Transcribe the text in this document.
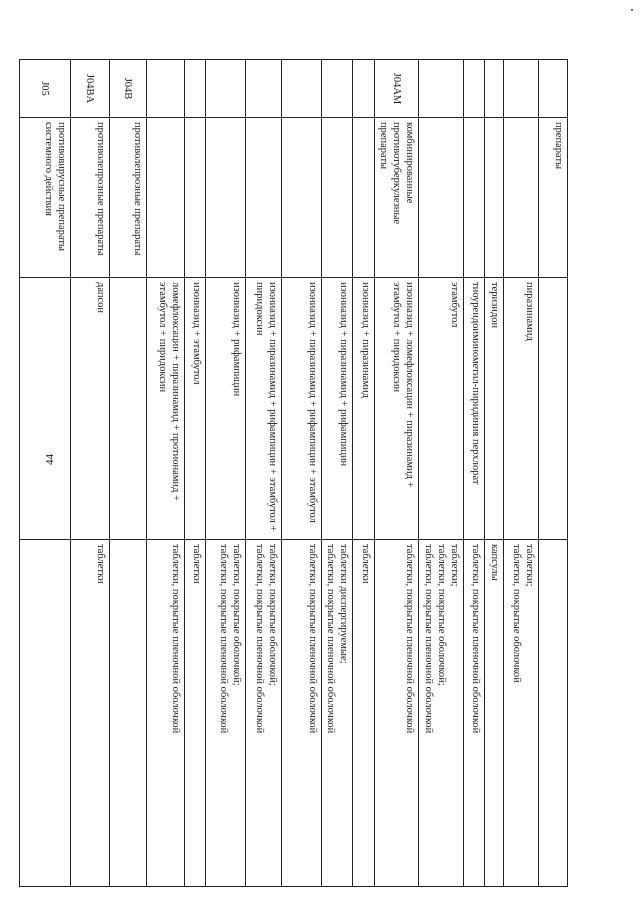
44
	препараты		
		пиразинамид	таблетки;
таблетки, покрытые оболочкой
		теризидон	капсулы
		тиоуреидоиминометил-пиридиния перхлорат	таблетки, покрытые пленочной оболочкой
		этамбутол	таблетки;
таблетки, покрытые оболочкой;
таблетки, покрытые пленочной оболочкой
J04AM	комбинированные противотуберкулезные препараты	изониазид + ломефлоксацин + пиразинамид + этамбутол + пиридоксин	таблетки, покрытые пленочной оболочкой
		изониазид + пиразинамид	таблетки
		изониазид + пиразинамид + рифампицин	таблетки диспергируемые;
таблетки, покрытые пленочной оболочкой
		изониазид + пиразинамид + рифампицин + этамбутол	таблетки, покрытые пленочной оболочкой
		изониазид + пиразинамид + рифампицин + этамбутол + пиридоксин	таблетки, покрытые оболочкой;
таблетки, покрытые пленочной оболочкой
		изониазид + рифампицин	таблетки, покрытые оболочкой;
таблетки, покрытые пленочной оболочкой
		изониазид + этамбутол	таблетки
		ломефлоксацин + пиразинамид + протионамид + этамбутол + пиридоксин	таблетки, покрытые пленочной оболочкой
J04B	противолепрозные препараты		
J04BA	противолепрозные препараты	дапсон	таблетки
J05	противовирусные препараты системного действия		
